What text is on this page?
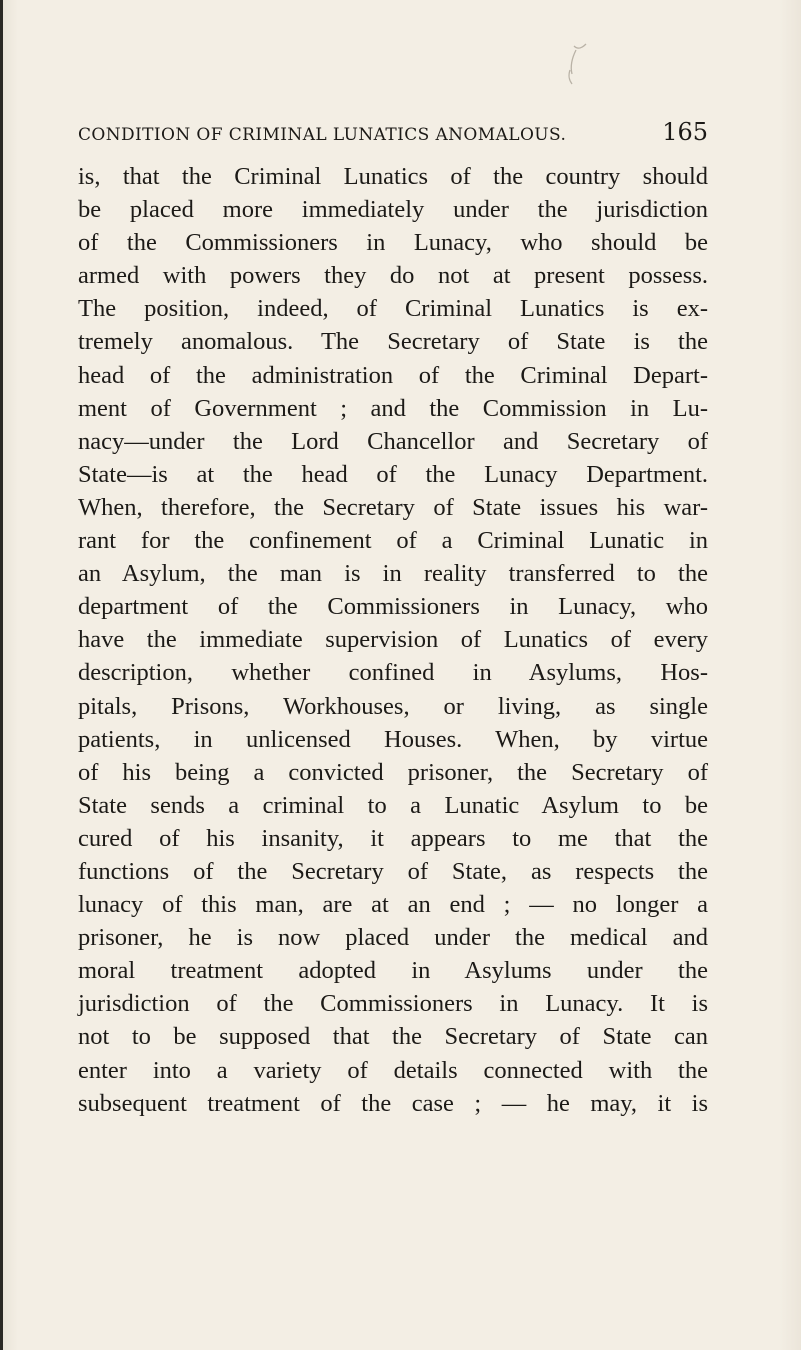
CONDITION OF CRIMINAL LUNATICS ANOMALOUS.	165
is, that the Criminal Lunatics of the country should
be placed more immediately under the jurisdiction
of the Commissioners in Lunacy, who should be
armed with powers they do not at present possess.
The position, indeed, of Criminal Lunatics is ex-
tremely anomalous. The Secretary of State is the
head of the administration of the Criminal Depart-
ment of Government ; and the Commission in Lu-
nacy—under the Lord Chancellor and Secretary of
State—is at the head of the Lunacy Department.
When, therefore, the Secretary of State issues his war-
rant for the confinement of a Criminal Lunatic in
an Asylum, the man is in reality transferred to the
department of the Commissioners in Lunacy, who
have the immediate supervision of Lunatics of every
description, whether confined in Asylums, Hos-
pitals, Prisons, Workhouses, or living, as single
patients, in unlicensed Houses. When, by virtue
of his being a convicted prisoner, the Secretary of
State sends a criminal to a Lunatic Asylum to be
cured of his insanity, it appears to me that the
functions of the Secretary of State, as respects the
lunacy of this man, are at an end ; — no longer a
prisoner, he is now placed under the medical and
moral treatment adopted in Asylums under the
jurisdiction of the Commissioners in Lunacy. It is
not to be supposed that the Secretary of State can
enter into a variety of details connected with the
subsequent treatment of the case ; — he may, it is
